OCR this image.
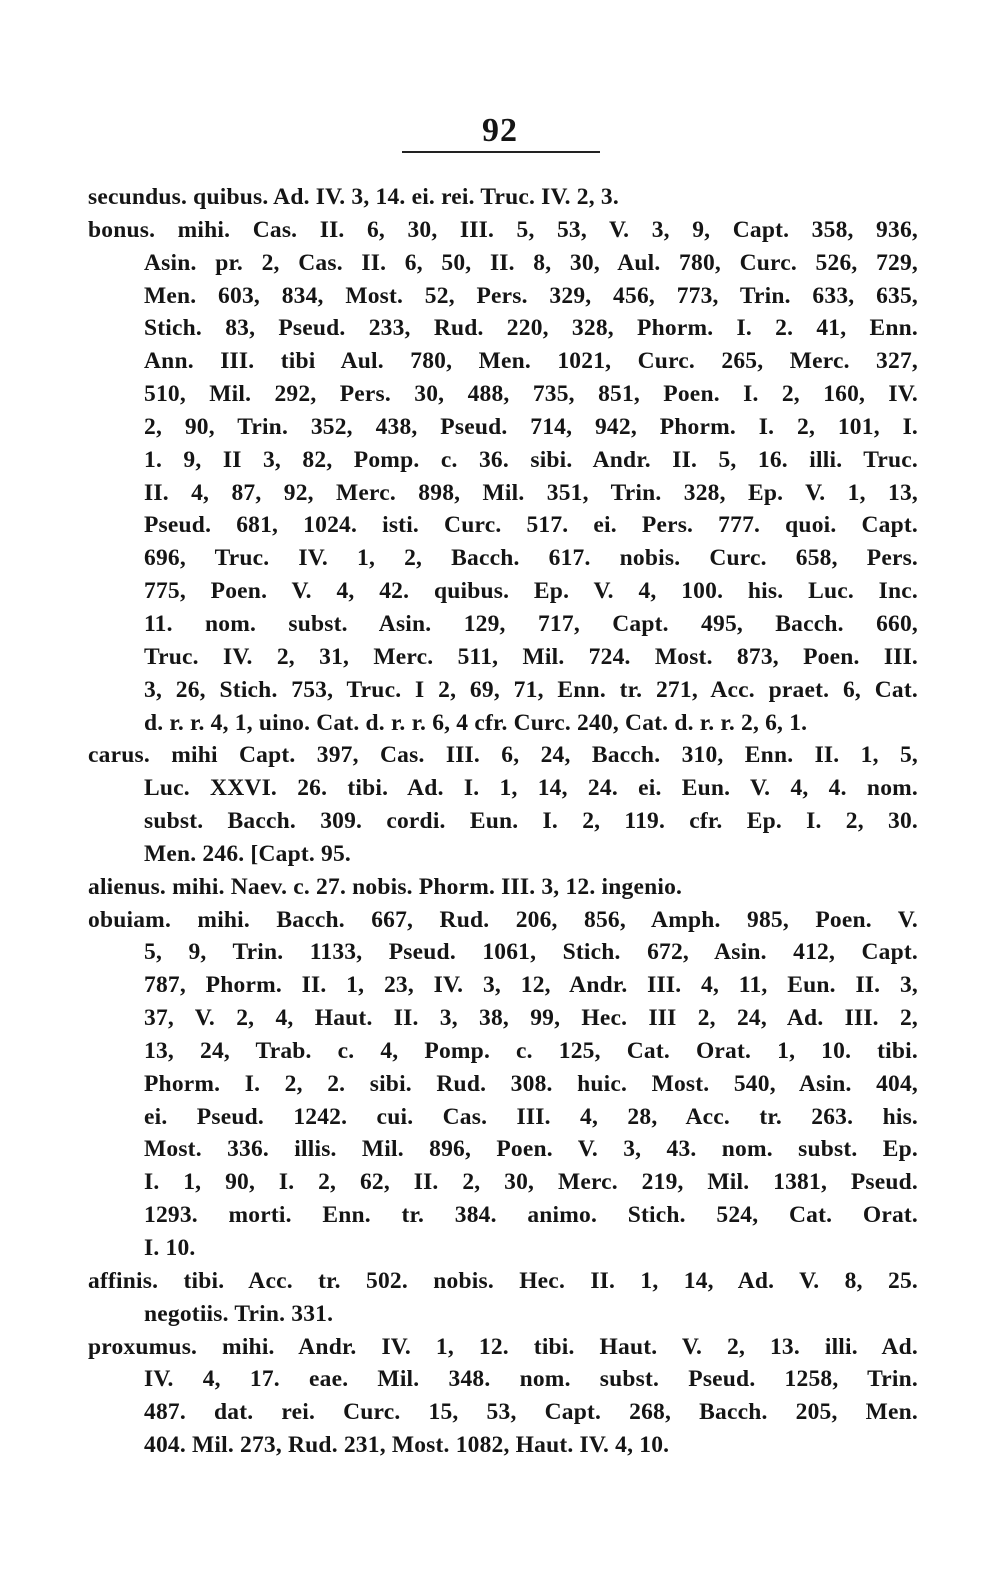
92
secundus. quibus. Ad. IV. 3, 14. ei. rei. Truc. IV. 2, 3.
bonus. mihi. Cas. II. 6, 30, III. 5, 53, V. 3, 9, Capt. 358, 936,
Asin. pr. 2, Cas. II. 6, 50, II. 8, 30, Aul. 780, Curc. 526, 729,
Men. 603, 834, Most. 52, Pers. 329, 456, 773, Trin. 633, 635,
Stich. 83, Pseud. 233, Rud. 220, 328, Phorm. I. 2. 41, Enn.
Ann. III. tibi Aul. 780, Men. 1021, Curc. 265, Merc. 327,
510, Mil. 292, Pers. 30, 488, 735, 851, Poen. I. 2, 160, IV.
2, 90, Trin. 352, 438, Pseud. 714, 942, Phorm. I. 2, 101, I.
1. 9, II 3, 82, Pomp. c. 36. sibi. Andr. II. 5, 16. illi. Truc.
II. 4, 87, 92, Merc. 898, Mil. 351, Trin. 328, Ep. V. 1, 13,
Pseud. 681, 1024. isti. Curc. 517. ei. Pers. 777. quoi. Capt.
696, Truc. IV. 1, 2, Bacch. 617. nobis. Curc. 658, Pers.
775, Poen. V. 4, 42. quibus. Ep. V. 4, 100. his. Luc. Inc.
11. nom. subst. Asin. 129, 717, Capt. 495, Bacch. 660,
Truc. IV. 2, 31, Merc. 511, Mil. 724. Most. 873, Poen. III.
3, 26, Stich. 753, Truc. I 2, 69, 71, Enn. tr. 271, Acc. praet. 6, Cat.
d. r. r. 4, 1, uino. Cat. d. r. r. 6, 4 cfr. Curc. 240, Cat. d. r. r. 2, 6, 1.
carus. mihi Capt. 397, Cas. III. 6, 24, Bacch. 310, Enn. II. 1, 5,
Luc. XXVI. 26. tibi. Ad. I. 1, 14, 24. ei. Eun. V. 4, 4. nom.
subst. Bacch. 309. cordi. Eun. I. 2, 119. cfr. Ep. I. 2, 30.
Men. 246. [Capt. 95.
alienus. mihi. Naev. c. 27. nobis. Phorm. III. 3, 12. ingenio.
obuiam. mihi. Bacch. 667, Rud. 206, 856, Amph. 985, Poen. V.
5, 9, Trin. 1133, Pseud. 1061, Stich. 672, Asin. 412, Capt.
787, Phorm. II. 1, 23, IV. 3, 12, Andr. III. 4, 11, Eun. II. 3,
37, V. 2, 4, Haut. II. 3, 38, 99, Hec. III 2, 24, Ad. III. 2,
13, 24, Trab. c. 4, Pomp. c. 125, Cat. Orat. 1, 10. tibi.
Phorm. I. 2, 2. sibi. Rud. 308. huic. Most. 540, Asin. 404,
ei. Pseud. 1242. cui. Cas. III. 4, 28, Acc. tr. 263. his.
Most. 336. illis. Mil. 896, Poen. V. 3, 43. nom. subst. Ep.
I. 1, 90, I. 2, 62, II. 2, 30, Merc. 219, Mil. 1381, Pseud.
1293. morti. Enn. tr. 384. animo. Stich. 524, Cat. Orat.
I. 10.
affinis. tibi. Acc. tr. 502. nobis. Hec. II. 1, 14, Ad. V. 8, 25.
negotiis. Trin. 331.
proxumus. mihi. Andr. IV. 1, 12. tibi. Haut. V. 2, 13. illi. Ad.
IV. 4, 17. eae. Mil. 348. nom. subst. Pseud. 1258, Trin.
487. dat. rei. Curc. 15, 53, Capt. 268, Bacch. 205, Men.
404. Mil. 273, Rud. 231, Most. 1082, Haut. IV. 4, 10.
